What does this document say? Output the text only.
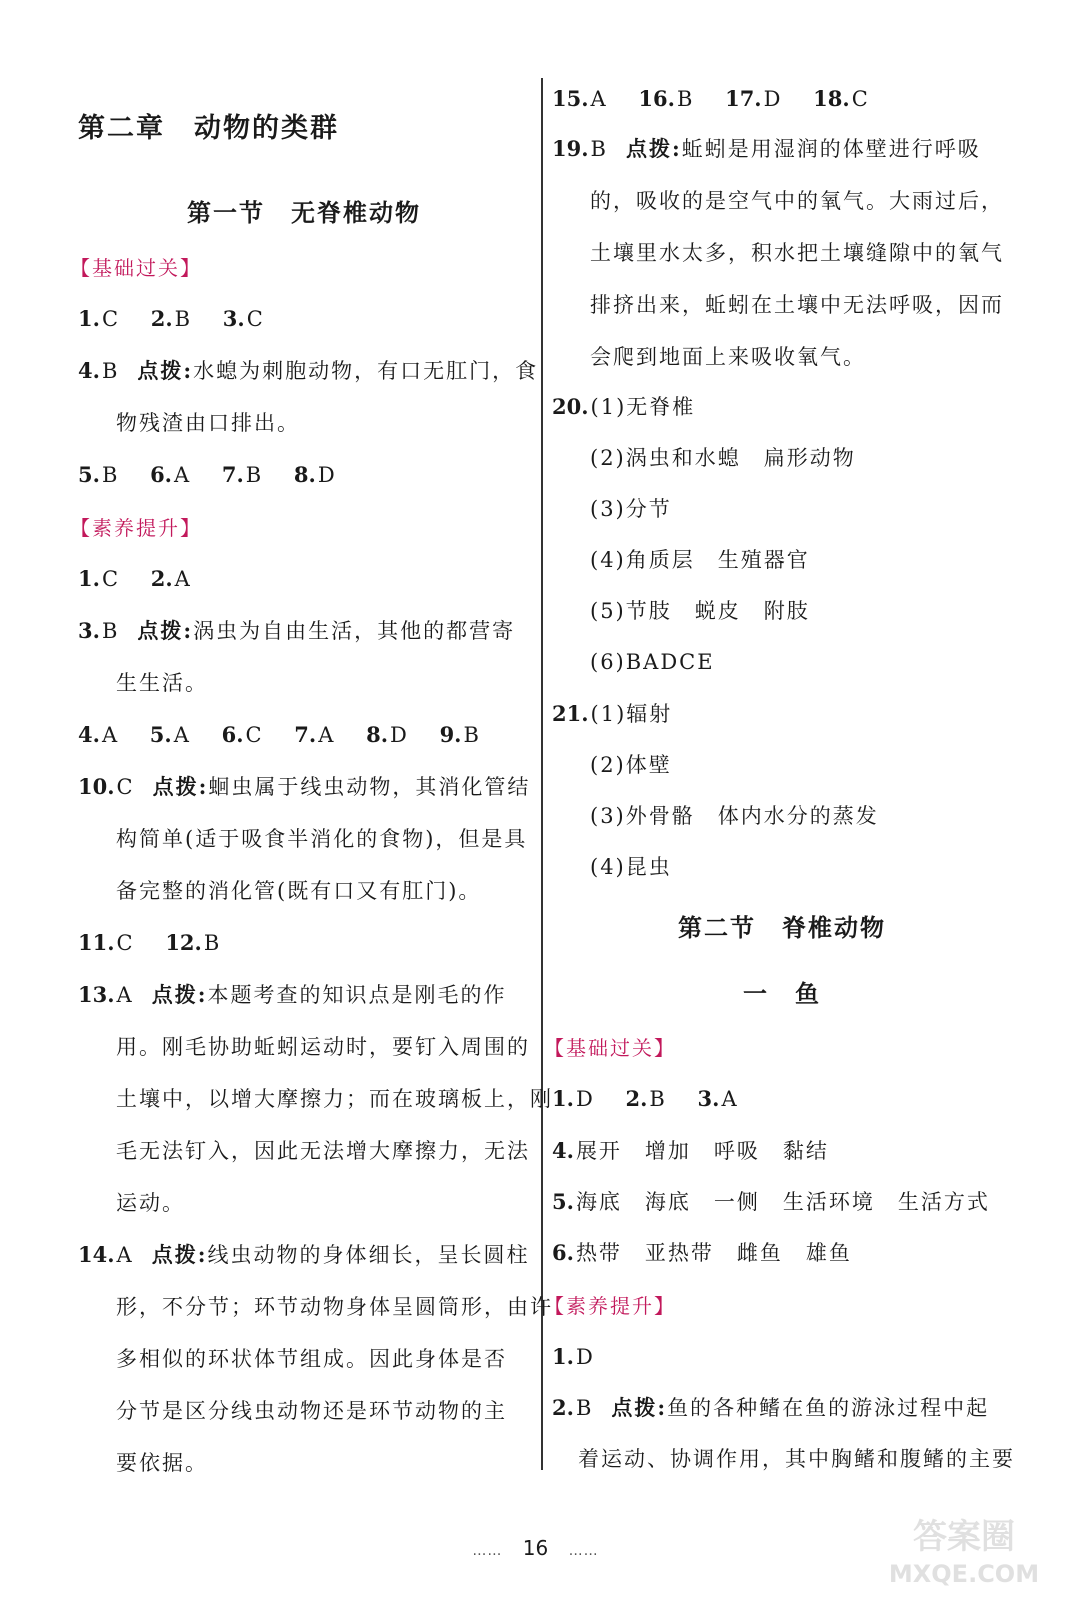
第二章　动物的类群
第一节　无脊椎动物
【基础过关】
1.C 2.B 3.C
4.B 点拨:水螅为刺胞动物，有口无肛门，食
物残渣由口排出。
5.B 6.A 7.B 8.D
【素养提升】
1.C 2.A
3.B 点拨:涡虫为自由生活，其他的都营寄
生生活。
4.A 5.A 6.C 7.A 8.D 9.B
10.C 点拨:蛔虫属于线虫动物，其消化管结
构简单(适于吸食半消化的食物)，但是具
备完整的消化管(既有口又有肛门)。
11.C 12.B
13.A 点拨:本题考查的知识点是刚毛的作
用。刚毛协助蚯蚓运动时，要钉入周围的
土壤中，以增大摩擦力；而在玻璃板上，刚
毛无法钉入，因此无法增大摩擦力，无法
运动。
14.A 点拨:线虫动物的身体细长，呈长圆柱
形，不分节；环节动物身体呈圆筒形，由许
多相似的环状体节组成。因此身体是否
分节是区分线虫动物还是环节动物的主
要依据。
15.A 16.B 17.D 18.C
19.B 点拨:蚯蚓是用湿润的体壁进行呼吸
的，吸收的是空气中的氧气。大雨过后，
土壤里水太多，积水把土壤缝隙中的氧气
排挤出来，蚯蚓在土壤中无法呼吸，因而
会爬到地面上来吸收氧气。
20.(1)无脊椎
(2)涡虫和水螅　扁形动物
(3)分节
(4)角质层　生殖器官
(5)节肢　蜕皮　附肢
(6)BADCE
21.(1)辐射
(2)体壁
(3)外骨骼　体内水分的蒸发
(4)昆虫
第二节　脊椎动物
一　鱼
【基础过关】
1.D 2.B 3.A
4.展开　增加　呼吸　黏结
5.海底　海底　一侧　生活环境　生活方式
6.热带　亚热带　雌鱼　雄鱼
【素养提升】
1.D
2.B 点拨:鱼的各种鳍在鱼的游泳过程中起
着运动、协调作用，其中胸鳍和腹鳍的主要
…… 16 ……	答案圈
MXQE.COM
